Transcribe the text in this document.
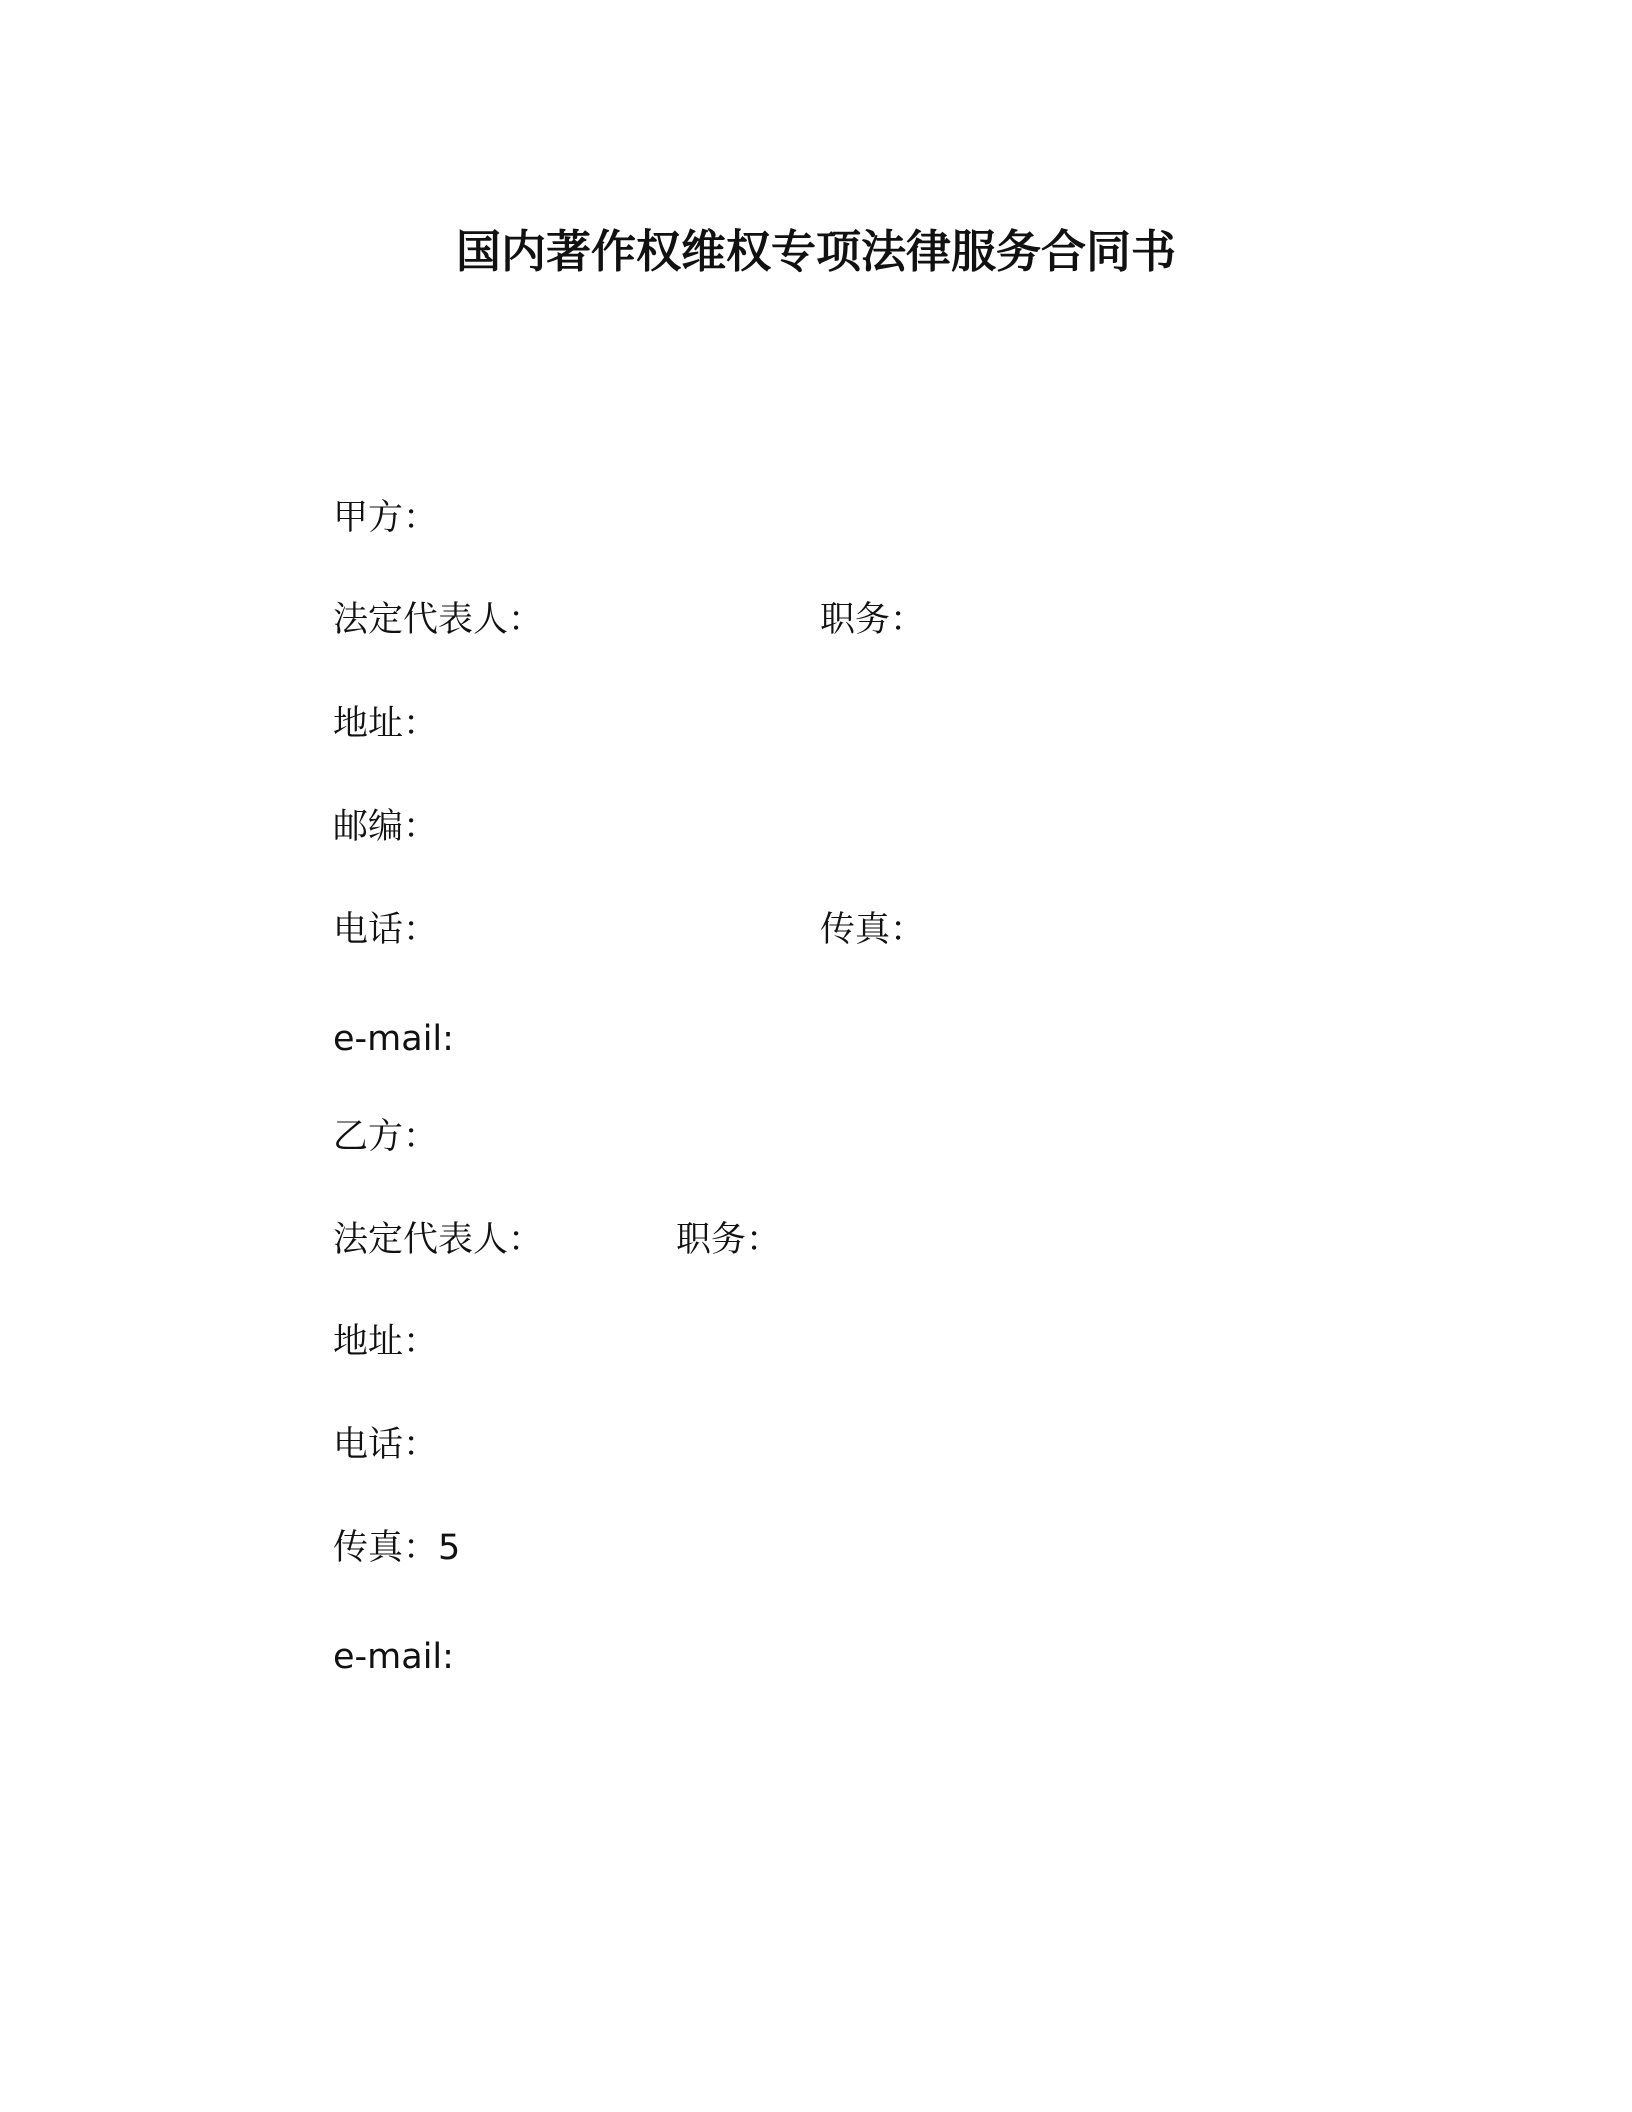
国内著作权维权专项法律服务合同书
甲方：
法定代表人：	职务：
地址：
邮编：
电话：	传真：
e-mail:
乙方：
法定代表人：	职务：
地址：
电话：
传真：5
e-mail:
